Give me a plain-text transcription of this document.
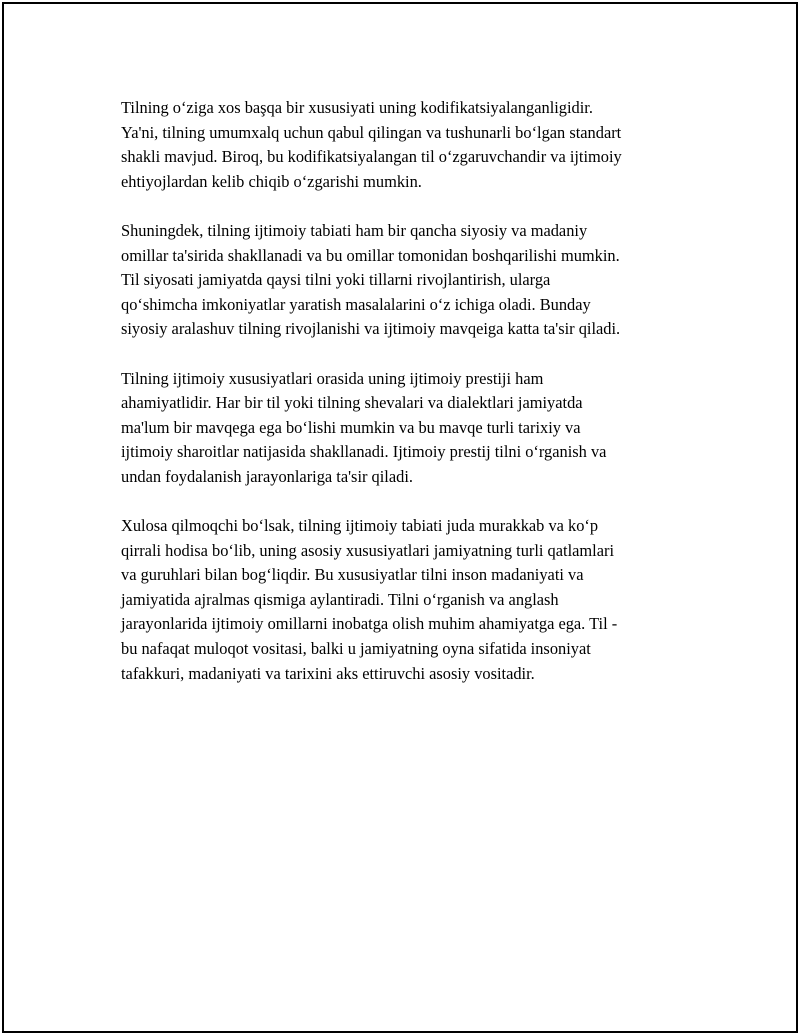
Tilning o‘ziga xos başqa bir xususiyati uning kodifikatsiyalanganligidir.
Ya'ni, tilning umumxalq uchun qabul qilingan va tushunarli bo‘lgan standart
shakli mavjud. Biroq, bu kodifikatsiyalangan til o‘zgaruvchandir va ijtimoiy
ehtiyojlardan kelib chiqib o‘zgarishi mumkin.

Shuningdek, tilning ijtimoiy tabiati ham bir qancha siyosiy va madaniy
omillar ta'sirida shakllanadi va bu omillar tomonidan boshqarilishi mumkin.
Til siyosati jamiyatda qaysi tilni yoki tillarni rivojlantirish, ularga
qo‘shimcha imkoniyatlar yaratish masalalarini o‘z ichiga oladi. Bunday
siyosiy aralashuv tilning rivojlanishi va ijtimoiy mavqeiga katta ta'sir qiladi.

Tilning ijtimoiy xususiyatlari orasida uning ijtimoiy prestiji ham
ahamiyatlidir. Har bir til yoki tilning shevalari va dialektlari jamiyatda
ma'lum bir mavqega ega bo‘lishi mumkin va bu mavqe turli tarixiy va
ijtimoiy sharoitlar natijasida shakllanadi. Ijtimoiy prestij tilni o‘rganish va
undan foydalanish jarayonlariga ta'sir qiladi.

Xulosa qilmoqchi bo‘lsak, tilning ijtimoiy tabiati juda murakkab va ko‘p
qirrali hodisa bo‘lib, uning asosiy xususiyatlari jamiyatning turli qatlamlari
va guruhlari bilan bog‘liqdir. Bu xususiyatlar tilni inson madaniyati va
jamiyatida ajralmas qismiga aylantiradi. Tilni o‘rganish va anglash
jarayonlarida ijtimoiy omillarni inobatga olish muhim ahamiyatga ega. Til -
bu nafaqat muloqot vositasi, balki u jamiyatning oyna sifatida insoniyat
tafakkuri, madaniyati va tarixini aks ettiruvchi asosiy vositadir.
